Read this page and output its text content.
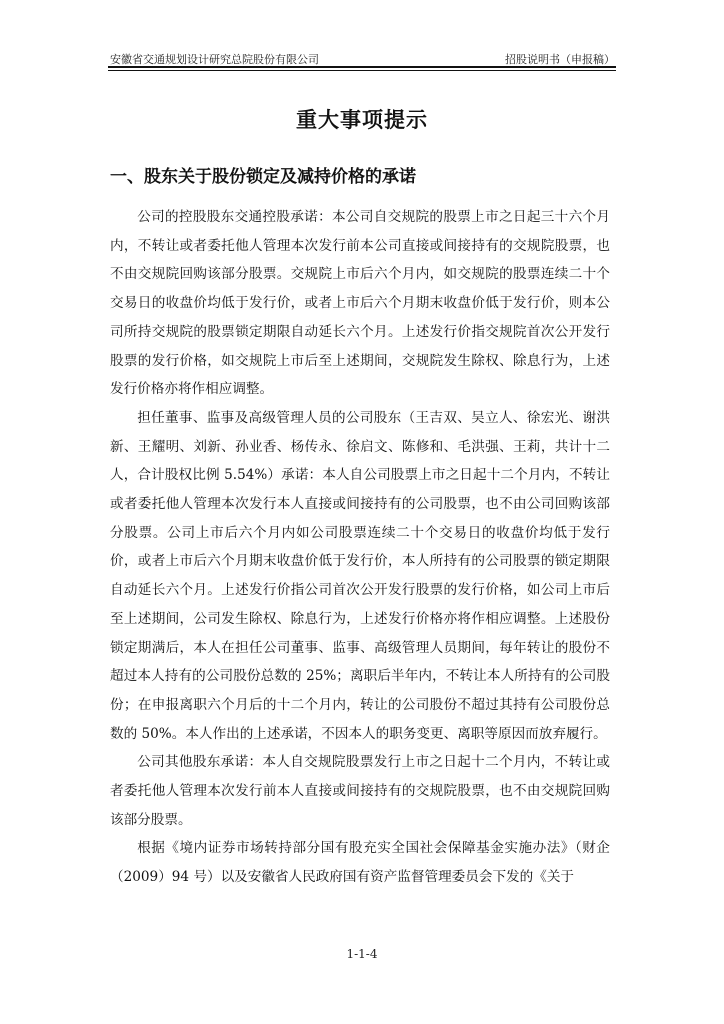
安徽省交通规划设计研究总院股份有限公司	招股说明书（申报稿）
重大事项提示
一、股东关于股份锁定及减持价格的承诺

公司的控股股东交通控股承诺：本公司自交规院的股票上市之日起三十六个月内，不转让或者委托他人管理本次发行前本公司直接或间接持有的交规院股票，也不由交规院回购该部分股票。交规院上市后六个月内，如交规院的股票连续二十个交易日的收盘价均低于发行价，或者上市后六个月期末收盘价低于发行价，则本公司所持交规院的股票锁定期限自动延长六个月。上述发行价指交规院首次公开发行股票的发行价格，如交规院上市后至上述期间，交规院发生除权、除息行为，上述发行价格亦将作相应调整。

担任董事、监事及高级管理人员的公司股东（王吉双、吴立人、徐宏光、谢洪新、王耀明、刘新、孙业香、杨传永、徐启文、陈修和、毛洪强、王莉，共计十二人，合计股权比例 5.54%）承诺：本人自公司股票上市之日起十二个月内，不转让或者委托他人管理本次发行本人直接或间接持有的公司股票，也不由公司回购该部分股票。公司上市后六个月内如公司股票连续二十个交易日的收盘价均低于发行价，或者上市后六个月期末收盘价低于发行价，本人所持有的公司股票的锁定期限自动延长六个月。上述发行价指公司首次公开发行股票的发行价格，如公司上市后至上述期间，公司发生除权、除息行为，上述发行价格亦将作相应调整。上述股份锁定期满后，本人在担任公司董事、监事、高级管理人员期间，每年转让的股份不超过本人持有的公司股份总数的 25%；离职后半年内，不转让本人所持有的公司股份；在申报离职六个月后的十二个月内，转让的公司股份不超过其持有公司股份总数的 50%。本人作出的上述承诺，不因本人的职务变更、离职等原因而放弃履行。

公司其他股东承诺：本人自交规院股票发行上市之日起十二个月内，不转让或者委托他人管理本次发行前本人直接或间接持有的交规院股票，也不由交规院回购该部分股票。

根据《境内证券市场转持部分国有股充实全国社会保障基金实施办法》（财企（2009）94 号）以及安徽省人民政府国有资产监督管理委员会下发的《关于

1-1-4
